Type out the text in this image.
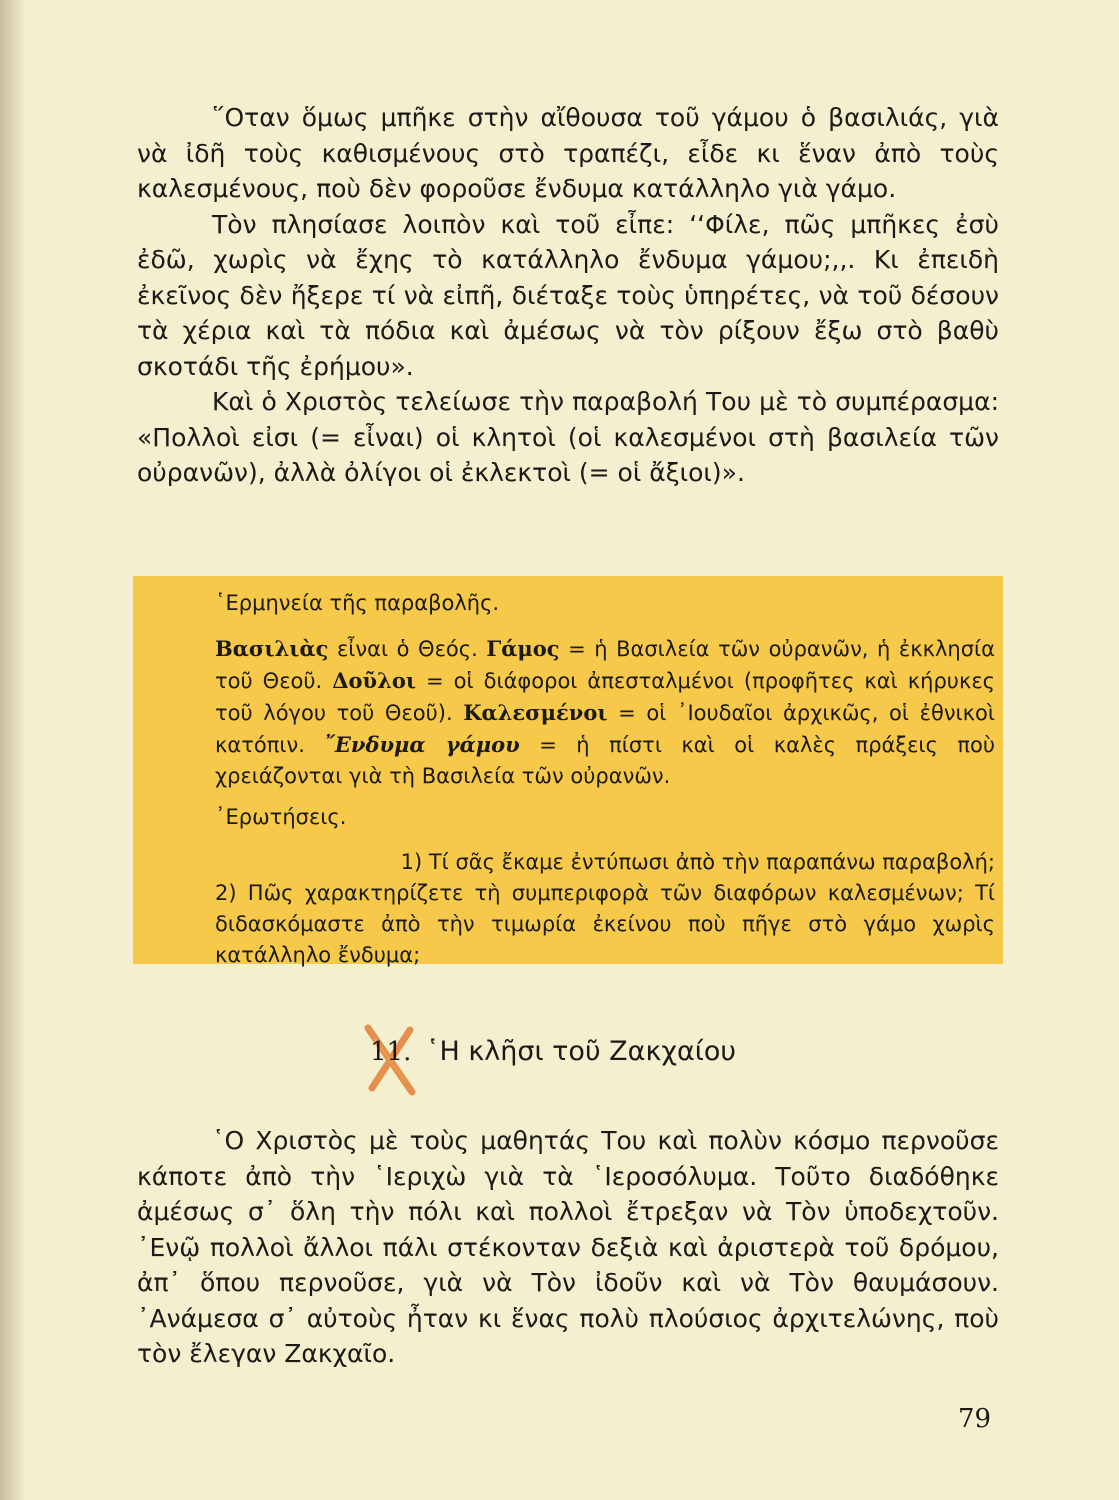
῞Οταν ὅμως μπῆκε στὴν αἴθουσα τοῦ γάμου ὁ βασιλιάς, γιὰ νὰ ἰδῆ τοὺς καθισμένους στὸ τραπέζι, εἶδε κι ἕναν ἀπὸ τοὺς καλεσμένους, ποὺ δὲν φοροῦσε ἔνδυμα κατάλληλο γιὰ γάμο.

Τὸν πλησίασε λοιπὸν καὶ τοῦ εἶπε: ‘‘Φίλε, πῶς μπῆκες ἐσὺ ἐδῶ, χωρὶς νὰ ἔχης τὸ κατάλληλο ἔνδυμα γάμου;,,. Κι ἐπειδὴ ἐκεῖνος δὲν ἤξερε τί νὰ εἰπῆ, διέταξε τοὺς ὑπηρέτες, νὰ τοῦ δέσουν τὰ χέρια καὶ τὰ πόδια καὶ ἀμέσως νὰ τὸν ρίξουν ἔξω στὸ βαθὺ σκοτάδι τῆς ἐρήμου».

Καὶ ὁ Χριστὸς τελείωσε τὴν παραβολή Του μὲ τὸ συμπέρασμα: «Πολλοὶ εἰσι (= εἶναι) οἱ κλητοὶ (οἱ καλεσμένοι στὴ βασιλεία τῶν οὐρανῶν), ἀλλὰ ὀλίγοι οἱ ἐκλεκτοὶ (= οἱ ἄξιοι)».

῾Ερμηνεία τῆς παραβολῆς.

Βασιλιὰς εἶναι ὁ Θεός. Γάμος = ἡ Βασιλεία τῶν οὐρανῶν, ἡ ἐκκλησία τοῦ Θεοῦ. Δοῦλοι = οἱ διάφοροι ἀπεσταλμένοι (προφῆτες καὶ κήρυκες τοῦ λόγου τοῦ Θεοῦ). Καλεσμένοι = οἱ ᾿Ιουδαῖοι ἀρχικῶς, οἱ ἐθνικοὶ κατόπιν. ῎Ενδυμα γάμου = ἡ πίστι καὶ οἱ καλὲς πράξεις ποὺ χρειάζονται γιὰ τὴ Βασιλεία τῶν οὐρανῶν.

᾿Ερωτήσεις.

1) Τί σᾶς ἔκαμε ἐντύπωσι ἀπὸ τὴν παραπάνω παραβολή;

2) Πῶς χαρακτηρίζετε τὴ συμπεριφορὰ τῶν διαφόρων καλεσμένων; Τί διδασκόμαστε ἀπὸ τὴν τιμωρία ἐκείνου ποὺ πῆγε στὸ γάμο χωρὶς κατάλληλο ἔνδυμα;

11. ῾Η κλῆσι τοῦ Ζακχαίου

῾Ο Χριστὸς μὲ τοὺς μαθητάς Του καὶ πολὺν κόσμο περνοῦσε κάποτε ἀπὸ τὴν ῾Ιεριχὼ γιὰ τὰ ῾Ιεροσόλυμα. Τοῦτο διαδόθηκε ἀμέσως σ᾿ ὅλη τὴν πόλι καὶ πολλοὶ ἔτρεξαν νὰ Τὸν ὑποδεχτοῦν. ᾿Ενῷ πολλοὶ ἄλλοι πάλι στέκονταν δεξιὰ καὶ ἀριστερὰ τοῦ δρόμου, ἀπ᾿ ὅπου περνοῦσε, γιὰ νὰ Τὸν ἰδοῦν καὶ νὰ Τὸν θαυμάσουν. ᾿Ανάμεσα σ᾿ αὐτοὺς ἦταν κι ἕνας πολὺ πλούσιος ἀρχιτελώνης, ποὺ τὸν ἔλεγαν Ζακχαῖο.

79
